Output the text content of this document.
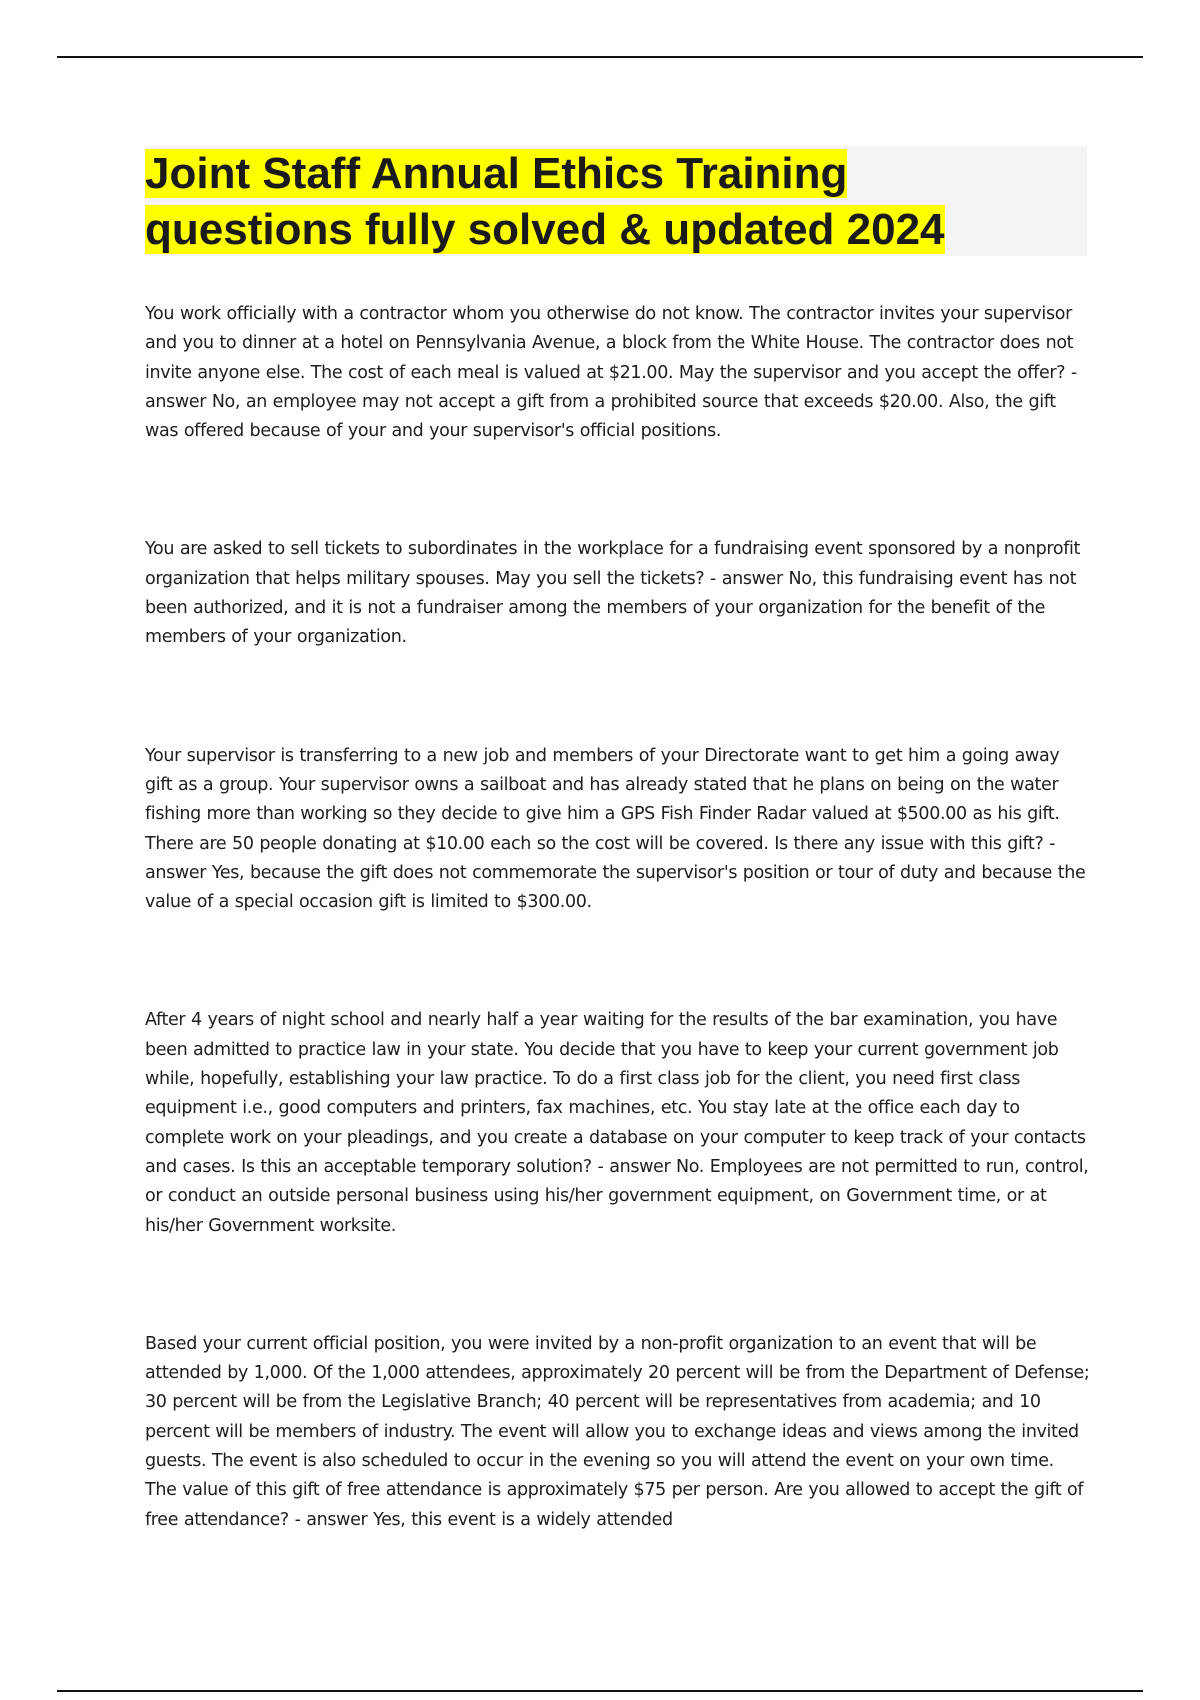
Joint Staff Annual Ethics Training
questions fully solved & updated 2024

You work officially with a contractor whom you otherwise do not know. The contractor invites your supervisor and you to dinner at a hotel on Pennsylvania Avenue, a block from the White House. The contractor does not invite anyone else. The cost of each meal is valued at $21.00. May the supervisor and you accept the offer? - answer No, an employee may not accept a gift from a prohibited source that exceeds $20.00. Also, the gift was offered because of your and your supervisor's official positions.

You are asked to sell tickets to subordinates in the workplace for a fundraising event sponsored by a nonprofit organization that helps military spouses. May you sell the tickets? - answer No, this fundraising event has not been authorized, and it is not a fundraiser among the members of your organization for the benefit of the members of your organization.

Your supervisor is transferring to a new job and members of your Directorate want to get him a going away gift as a group. Your supervisor owns a sailboat and has already stated that he plans on being on the water fishing more than working so they decide to give him a GPS Fish Finder Radar valued at $500.00 as his gift. There are 50 people donating at $10.00 each so the cost will be covered. Is there any issue with this gift? - answer Yes, because the gift does not commemorate the supervisor's position or tour of duty and because the value of a special occasion gift is limited to $300.00.

After 4 years of night school and nearly half a year waiting for the results of the bar examination, you have been admitted to practice law in your state. You decide that you have to keep your current government job while, hopefully, establishing your law practice. To do a first class job for the client, you need first class equipment i.e., good computers and printers, fax machines, etc. You stay late at the office each day to complete work on your pleadings, and you create a database on your computer to keep track of your contacts and cases. Is this an acceptable temporary solution? - answer No. Employees are not permitted to run, control, or conduct an outside personal business using his/her government equipment, on Government time, or at his/her Government worksite.

Based your current official position, you were invited by a non-profit organization to an event that will be attended by 1,000. Of the 1,000 attendees, approximately 20 percent will be from the Department of Defense; 30 percent will be from the Legislative Branch; 40 percent will be representatives from academia; and 10 percent will be members of industry. The event will allow you to exchange ideas and views among the invited guests. The event is also scheduled to occur in the evening so you will attend the event on your own time. The value of this gift of free attendance is approximately $75 per person. Are you allowed to accept the gift of free attendance? - answer Yes, this event is a widely attended
